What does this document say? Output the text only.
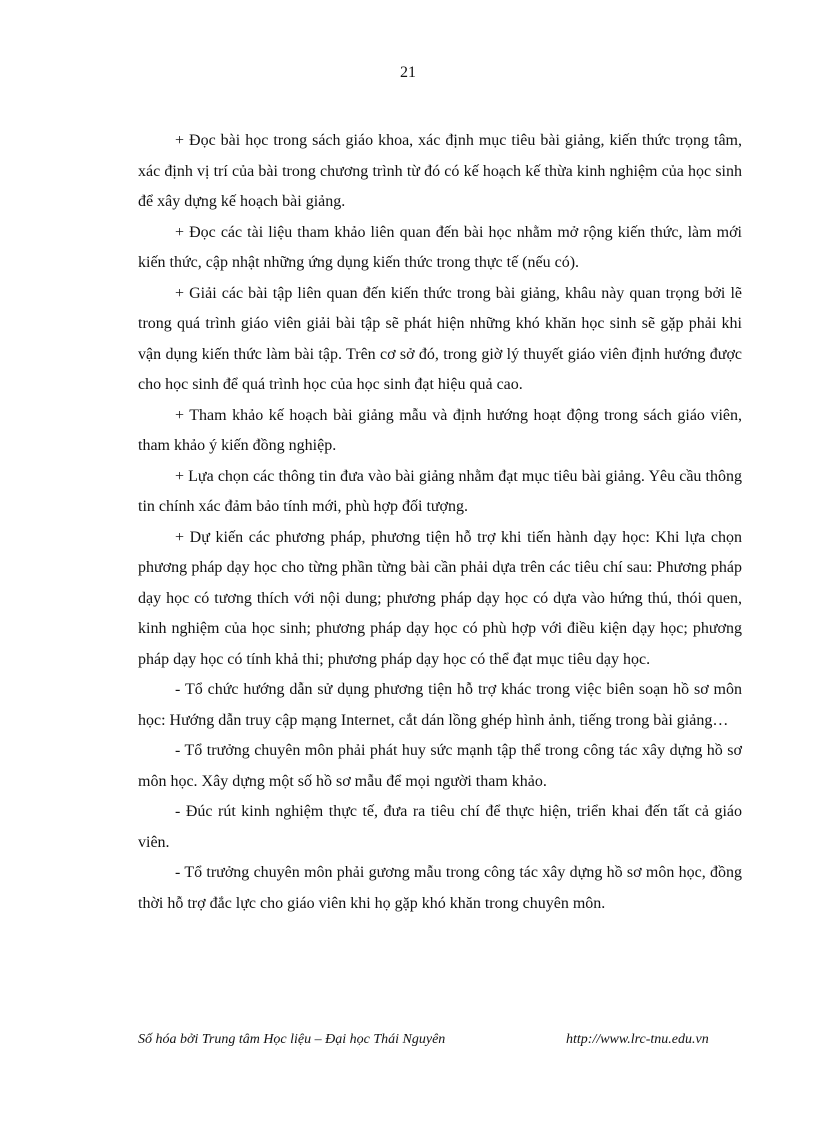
21

+ Đọc bài học trong sách giáo khoa, xác định mục tiêu bài giảng, kiến thức trọng tâm, xác định vị trí của bài trong chương trình từ đó có kế hoạch kế thừa kinh nghiệm của học sinh để xây dựng kế hoạch bài giảng.

+ Đọc các tài liệu tham khảo liên quan đến bài học nhằm mở rộng kiến thức, làm mới kiến thức, cập nhật những ứng dụng kiến thức trong thực tế (nếu có).

+ Giải các bài tập liên quan đến kiến thức trong bài giảng, khâu này quan trọng bởi lẽ trong quá trình giáo viên giải bài tập sẽ phát hiện những khó khăn học sinh sẽ gặp phải khi vận dụng kiến thức làm bài tập. Trên cơ sở đó, trong giờ lý thuyết giáo viên định hướng được cho học sinh để quá trình học của học sinh đạt hiệu quả cao.

+ Tham khảo kế hoạch bài giảng mẫu và định hướng hoạt động trong sách giáo viên, tham khảo ý kiến đồng nghiệp.

+ Lựa chọn các thông tin đưa vào bài giảng nhằm đạt mục tiêu bài giảng. Yêu cầu thông tin chính xác đảm bảo tính mới, phù hợp đối tượng.

+ Dự kiến các phương pháp, phương tiện hỗ trợ khi tiến hành dạy học: Khi lựa chọn phương pháp dạy học cho từng phần từng bài cần phải dựa trên các tiêu chí sau: Phương pháp dạy học có tương thích với nội dung; phương pháp dạy học có dựa vào hứng thú, thói quen, kinh nghiệm của học sinh; phương pháp dạy học có phù hợp với điều kiện dạy học; phương pháp dạy học có tính khả thi; phương pháp dạy học có thể đạt mục tiêu dạy học.

- Tổ chức hướng dẫn sử dụng phương tiện hỗ trợ khác trong việc biên soạn hồ sơ môn học: Hướng dẫn truy cập mạng Internet, cắt dán lồng ghép hình ảnh, tiếng trong bài giảng…

- Tổ trưởng chuyên môn phải phát huy sức mạnh tập thể trong công tác xây dựng hồ sơ môn học. Xây dựng một số hồ sơ mẫu để mọi người tham khảo.

- Đúc rút kinh nghiệm thực tế, đưa ra tiêu chí để thực hiện, triển khai đến tất cả giáo viên.

- Tổ trưởng chuyên môn phải gương mẫu trong công tác xây dựng hồ sơ môn học, đồng thời hỗ trợ đắc lực cho giáo viên khi họ gặp khó khăn trong chuyên môn.

Số hóa bởi Trung tâm Học liệu – Đại học Thái Nguyên	http://www.lrc-tnu.edu.vn
